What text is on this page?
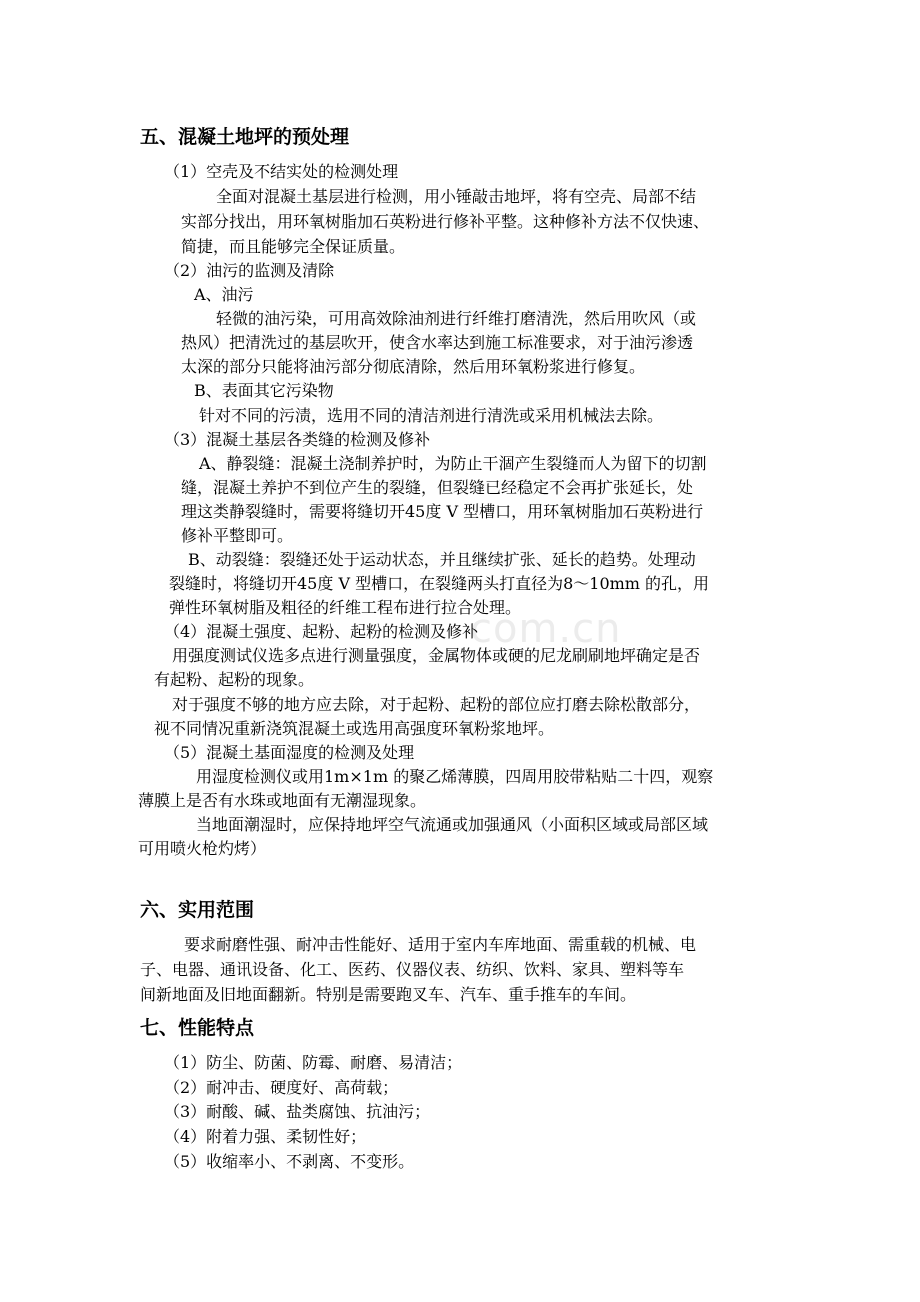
com.cn
五、混凝土地坪的预处理
（1）空壳及不结实处的检测处理
全面对混凝土基层进行检测，用小锤敲击地坪，将有空壳、局部不结
实部分找出，用环氧树脂加石英粉进行修补平整。这种修补方法不仅快速、
简捷，而且能够完全保证质量。
（2）油污的监测及清除
A、油污
轻微的油污染，可用高效除油剂进行纤维打磨清洗，然后用吹风（或
热风）把清洗过的基层吹开，使含水率达到施工标准要求，对于油污渗透
太深的部分只能将油污部分彻底清除，然后用环氧粉浆进行修复。
B、表面其它污染物
针对不同的污渍，选用不同的清洁剂进行清洗或采用机械法去除。
（3）混凝土基层各类缝的检测及修补
A、静裂缝：混凝土浇制养护时，为防止干涸产生裂缝而人为留下的切割
缝，混凝土养护不到位产生的裂缝，但裂缝已经稳定不会再扩张延长，处
理这类静裂缝时，需要将缝切开45度 V 型槽口，用环氧树脂加石英粉进行
修补平整即可。
B、动裂缝：裂缝还处于运动状态，并且继续扩张、延长的趋势。处理动
裂缝时，将缝切开45度 V 型槽口，在裂缝两头打直径为8～10mm 的孔，用
弹性环氧树脂及粗径的纤维工程布进行拉合处理。
（4）混凝土强度、起粉、起粉的检测及修补
用强度测试仪选多点进行测量强度，金属物体或硬的尼龙刷刷地坪确定是否
有起粉、起粉的现象。
对于强度不够的地方应去除，对于起粉、起粉的部位应打磨去除松散部分，
视不同情况重新浇筑混凝土或选用高强度环氧粉浆地坪。
（5）混凝土基面湿度的检测及处理
用湿度检测仪或用1m×1m 的聚乙烯薄膜，四周用胶带粘贴二十四，观察
薄膜上是否有水珠或地面有无潮湿现象。
当地面潮湿时，应保持地坪空气流通或加强通风（小面积区域或局部区域
可用喷火枪灼烤）
六、实用范围
要求耐磨性强、耐冲击性能好、适用于室内车库地面、需重载的机械、电
子、电器、通讯设备、化工、医药、仪器仪表、纺织、饮料、家具、塑料等车
间新地面及旧地面翻新。特别是需要跑叉车、汽车、重手推车的车间。
七、性能特点
（1）防尘、防菌、防霉、耐磨、易清洁；
（2）耐冲击、硬度好、高荷载；
（3）耐酸、碱、盐类腐蚀、抗油污；
（4）附着力强、柔韧性好；
（5）收缩率小、不剥离、不变形。
